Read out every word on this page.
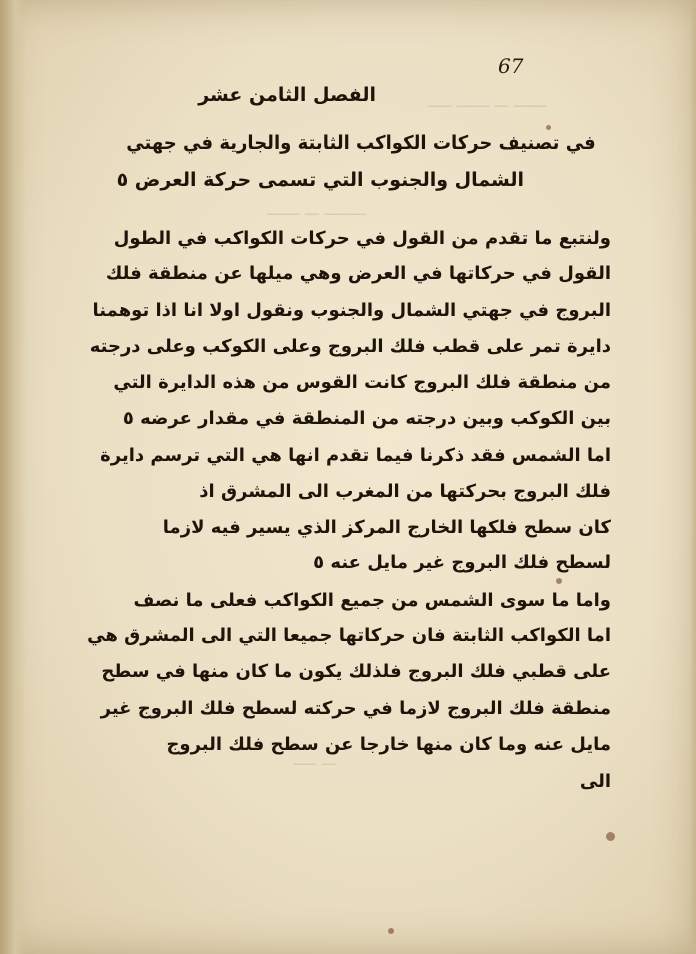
ـــــ ـــــــ ـــ ـــــــ
ـــــــ ـــ ـــــــــ
ـــــ ـــ
67
الفصل الثامن عشر
في تصنيف حركات الكواكب الثابتة والجارية في جهتي
الشمال والجنوب التي تسمى حركة العرض ٥
ولنتبع ما تقدم من القول في حركات الكواكب في الطول
القول في حركاتها في العرض وهي ميلها عن منطقة فلك
البروج في جهتي الشمال والجنوب ونقول اولا انا اذا توهمنا
دايرة تمر على قطب فلك البروج وعلى الكوكب وعلى درجته
من منطقة فلك البروج كانت القوس من هذه الدايرة التي
بين الكوكب وبين درجته من المنطقة في مقدار عرضه ٥
اما الشمس فقد ذكرنا فيما تقدم انها هي التي ترسم دايرة
فلك البروج بحركتها من المغرب الى المشرق اذ
كان سطح فلكها الخارج المركز الذي يسير فيه لازما
لسطح فلك البروج غير مايل عنه ٥
واما ما سوى الشمس من جميع الكواكب فعلى ما نصف
اما الكواكب الثابتة فان حركاتها جميعا التي الى المشرق هي
على قطبي فلك البروج فلذلك يكون ما كان منها في سطح
منطقة فلك البروج لازما في حركته لسطح فلك البروج غير
مايل عنه وما كان منها خارجا عن سطح فلك البروج
الى
